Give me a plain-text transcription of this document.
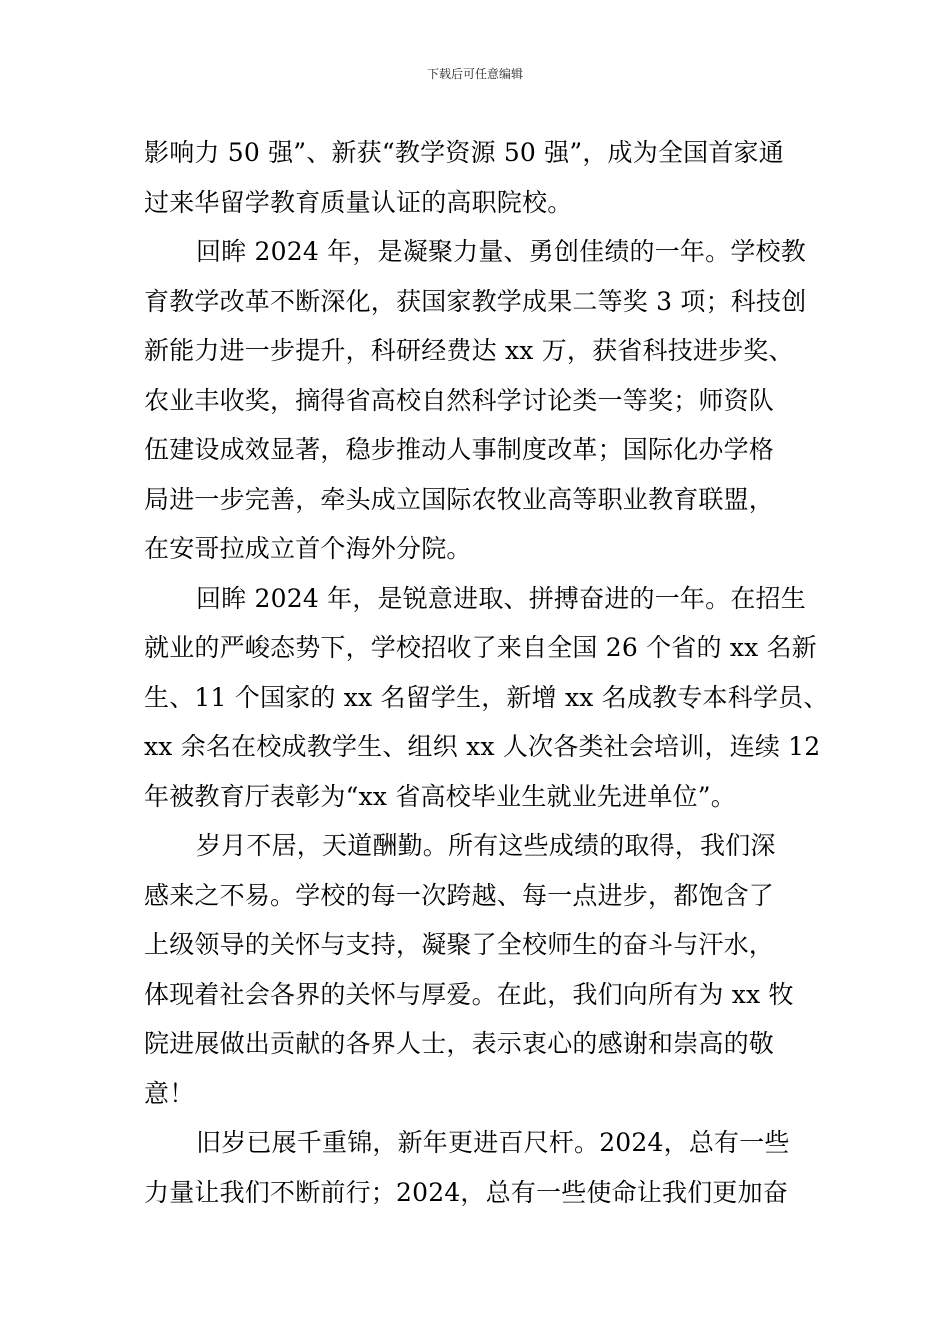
下载后可任意编辑
影响力 50 强”、新获“教学资源 50 强”，成为全国首家通
过来华留学教育质量认证的高职院校。
回眸 2024 年，是凝聚力量、勇创佳绩的一年。学校教
育教学改革不断深化，获国家教学成果二等奖 3 项；科技创
新能力进一步提升，科研经费达 xx 万，获省科技进步奖、
农业丰收奖，摘得省高校自然科学讨论类一等奖；师资队
伍建设成效显著，稳步推动人事制度改革；国际化办学格
局进一步完善，牵头成立国际农牧业高等职业教育联盟，
在安哥拉成立首个海外分院。
回眸 2024 年，是锐意进取、拼搏奋进的一年。在招生
就业的严峻态势下，学校招收了来自全国 26 个省的 xx 名新
生、11 个国家的 xx 名留学生，新增 xx 名成教专本科学员、
xx 余名在校成教学生、组织 xx 人次各类社会培训，连续 12
年被教育厅表彰为“xx 省高校毕业生就业先进单位”。
岁月不居，天道酬勤。所有这些成绩的取得，我们深
感来之不易。学校的每一次跨越、每一点进步，都饱含了
上级领导的关怀与支持，凝聚了全校师生的奋斗与汗水，
体现着社会各界的关怀与厚爱。在此，我们向所有为 xx 牧
院进展做出贡献的各界人士，表示衷心的感谢和崇高的敬
意！
旧岁已展千重锦，新年更进百尺杆。2024，总有一些
力量让我们不断前行；2024，总有一些使命让我们更加奋
